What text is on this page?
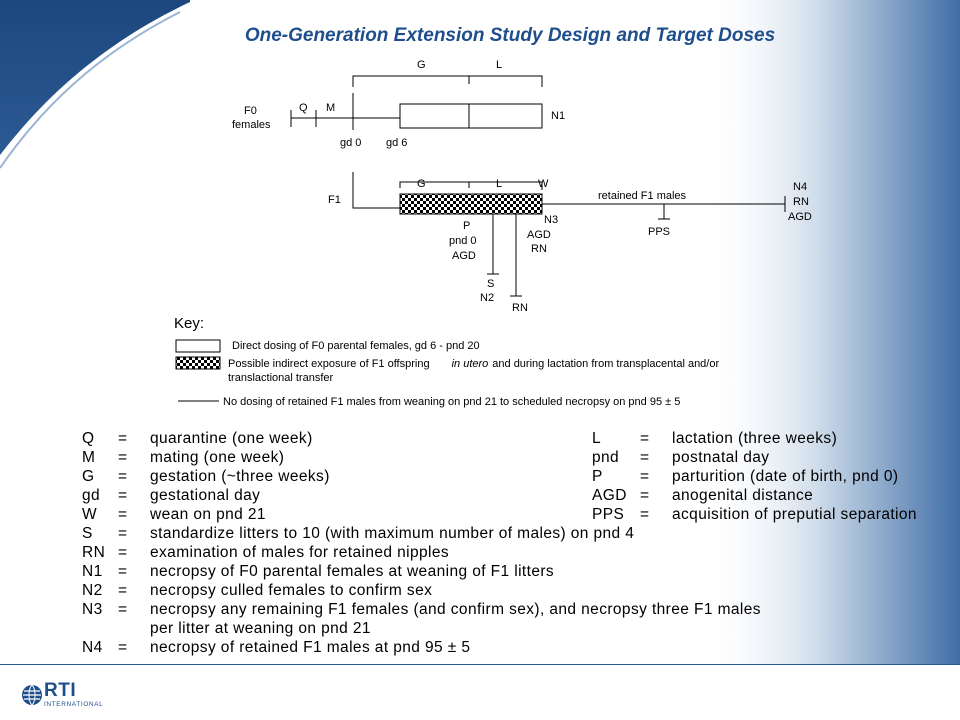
One-Generation Extension Study Design and Target Doses
G	L
F0
females
Q M
N1
gd 0 gd 6
F1
G	L	W
retained F1 males
N4
RN
AGD
PPS
N3
AGD
RN
P
pnd 0
AGD
S
N2
RN
Key:
Direct dosing of F0 parental females, gd 6 - pnd 20
Possible indirect exposure of F1 offspring in utero and during lactation from transplacental and/or
translactional transfer
No dosing of retained F1 males from weaning on pnd 21 to scheduled necropsy on pnd 95 ± 5
Q = quarantine (one week)
M = mating (one week)
G = gestation (~three weeks)
gd = gestational day
W = wean on pnd 21
S = standardize litters to 10 (with maximum number of males) on pnd 4
RN = examination of males for retained nipples
N1 = necropsy of F0 parental females at weaning of F1 litters
N2 = necropsy culled females to confirm sex
N3 = necropsy any remaining F1 females (and confirm sex), and necropsy three F1 males
per litter at weaning on pnd 21
N4 = necropsy of retained F1 males at pnd 95 ± 5
L	= lactation (three weeks)
pnd = postnatal day
P = parturition (date of birth, pnd 0)
AGD = anogenital distance
PPS = acquisition of preputial separation
RTI
INTERNATIONAL
